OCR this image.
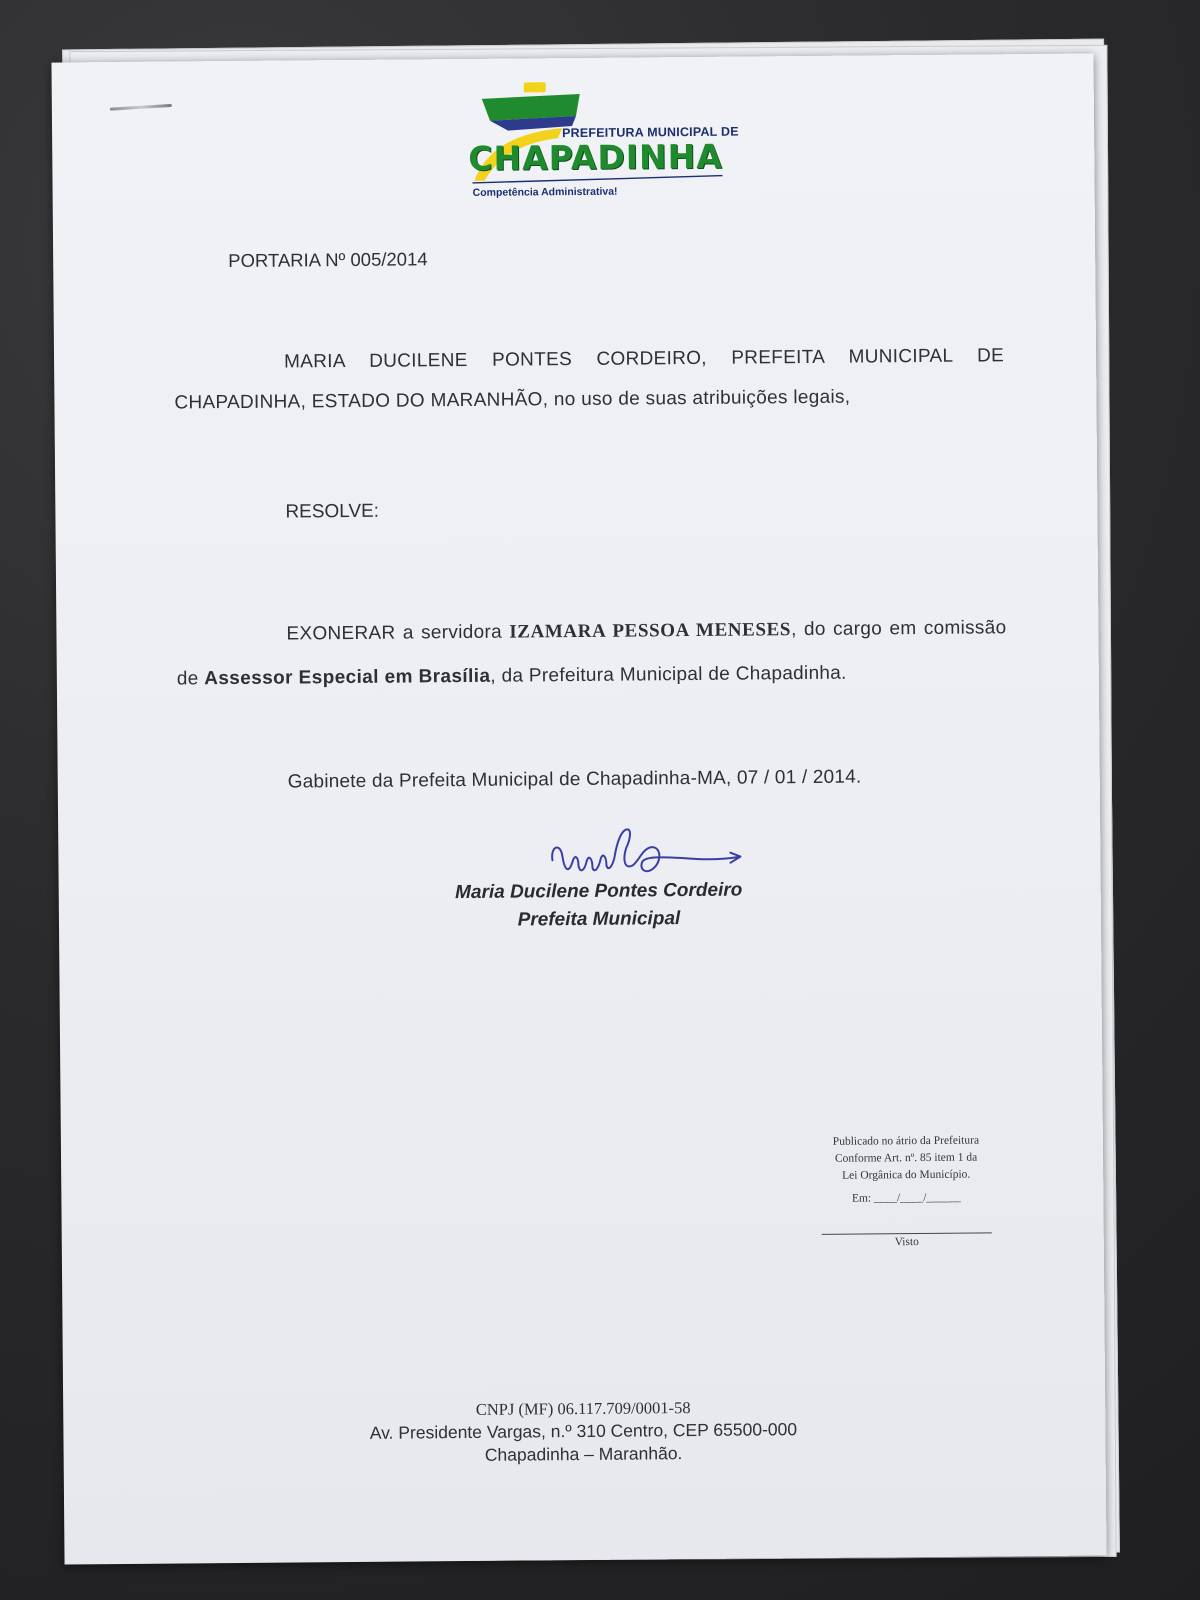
PREFEITURA MUNICIPAL DE
CHAPADINHA
Competência Administrativa!
PORTARIA Nº 005/2014
MARIA DUCILENE PONTES CORDEIRO, PREFEITA MUNICIPAL DE CHAPADINHA, ESTADO DO MARANHÃO, no uso de suas atribuições legais,
RESOLVE:
EXONERAR a servidora IZAMARA PESSOA MENESES, do cargo em comissão de Assessor Especial em Brasília, da Prefeitura Municipal de Chapadinha.
Gabinete da Prefeita Municipal de Chapadinha-MA, 07 / 01 / 2014.
Maria Ducilene Pontes Cordeiro
Prefeita Municipal
Publicado no átrio da Prefeitura
Conforme Art. nº. 85 item 1 da
Lei Orgânica do Município.
Em: ____/____/______
Visto
CNPJ (MF) 06.117.709/0001-58
Av. Presidente Vargas, n.º 310 Centro, CEP 65500-000
Chapadinha – Maranhão.
